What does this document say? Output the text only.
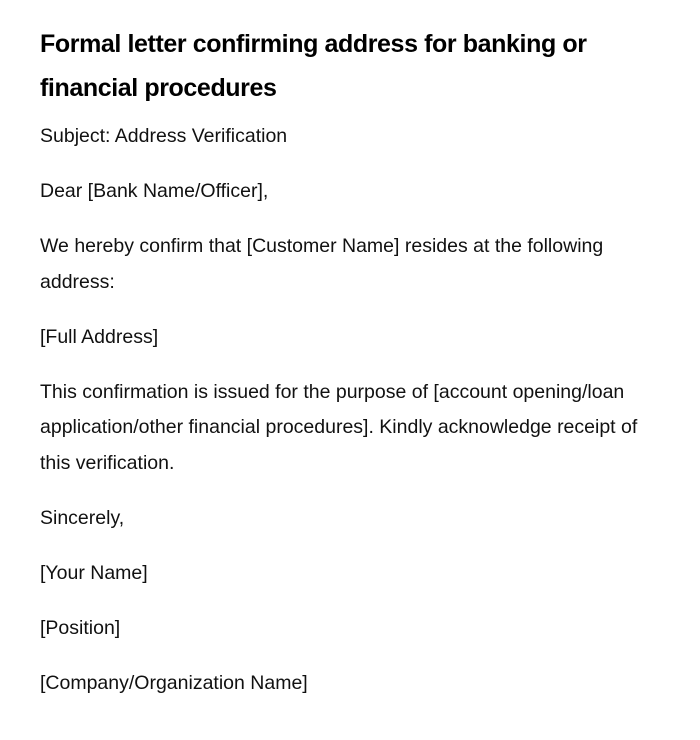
Formal letter confirming address for banking or financial procedures

Subject: Address Verification

Dear [Bank Name/Officer],

We hereby confirm that [Customer Name] resides at the following address:

[Full Address]

This confirmation is issued for the purpose of [account opening/loan application/other financial procedures]. Kindly acknowledge receipt of this verification.

Sincerely,

[Your Name]

[Position]

[Company/Organization Name]
